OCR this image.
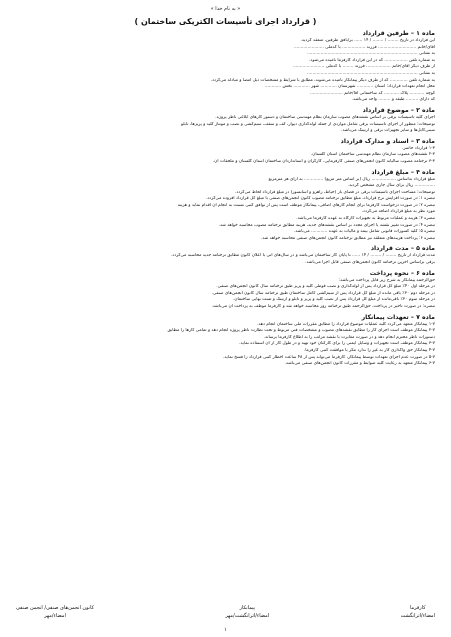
« به نام خدا »
( قرارداد اجرای تأسیسات الکتریکی ساختمان )
ماده ۱ – طرفین قرارداد
این قرارداد در تاریخ ........ / ........ / ۱۴ ...... بر/بافق طرفین، منعقد گردید.
آقای/خانم ............................ فرزند ................. با کدملی ......................
به نشانی .................................................................................
به شماره تلفن ................. که در این قرارداد کارفرما نامیده می‌شود.
از طرف دیگر آقای/خانم .................. فرزند ........ با کدملی .......................
به نشانی .................................................................................
به شماره تلفن ............. که از طرف دیگر پیمانکار نامیده می‌شوند، مطابق با شرایط و مشخصات ذیل امضا و مبادله می‌گردد.
محل انجام تعهدات قرارداد: استان ............ شهرستان ............ شهر ............ بخش ............
کوچه ........... پلاک ........... کد ساختمانی آقا/خانم ........................
که دارای ......... طبقه و ......... واحد می‌باشد.
ماده ۲ – موضوع قرارداد
اجرای کلیه تأسیسات برقی بر اساس نقشه‌های مصوب سازمان نظام مهندسی ساختمان و دستور کارهای ابلاغی ناظر پروژه.
توضیحات: منظور از اجرای تأسیسات برقی شامل مواردی از جمله لوله‌گذاری دیوار، کف و سقف، سیم‌کشی و نصب و مونتاژ کلید و پریزها، تابلو
سینی‌کابل‌ها و سایر تجهیزات برقی و ارتینگ می‌باشد.
ماده ۳ – اسناد و مدارک قرارداد
۱-۳ قرارداد حاضر.
۲-۳ نقشه‌های مصوب سازمان نظام مهندسی ساختمان استان گلستان.
۳-۳ ترخنامه مصوب سالیانه کانون انجمن‌های صنفی کارفرمایی، کارگران و استانداردان ساختمان استان گلستان و ملحقات آن.
ماده ۴ – مبلغ قرارداد
مبلغ قرارداد به‌اساس .................. ریال (بر اساس متر مربع) .............. به ازای هر مترمربع
............... ریال برای سال جاری مشخص گردید.
توضیحات: مساحت اجرای تأسیسات برقی در فضای باز (حیاط، راهرو و آسانسور) در مبلغ قرارداد لحاظ می‌گردد.
تبصره ۱: در صورت افزایش نرخ قرارداد، مبلغ مطابق ترخنامه مصوب کانون انجمن‌های صنفی با مبلغ کل قرارداد افزوده می‌گردد.
تبصره ۲: در صورت درخواست کارفرما برای انجام کارهای اضافی، پیمانکار موظف است پس از توافق کتبی نسبت به انجام آن اقدام نماید و هزینه
مورد نظر به مبلغ قرارداد اضافه می‌گردد.
تبصره ۳: هزینه و عملیات مربوط به تجهیزات کارگاه به عهده کارفرما می‌باشد.
تبصره ۴: در صورت تغییر نقشه یا اجرای مجدد بر اساس نقشه‌های جدید، هزینه مطابق ترخنامه مصوب محاسبه خواهد شد.
تبصره ۵: کلیه کسورات قانونی شامل بیمه و مالیات به عهده ............ می‌باشد.
تبصره ۶: پرداخت هزینه‌های متعلقه نیز مطابق ترخنامه کانون انجمن‌های صنفی محاسبه خواهد شد.
ماده ۵ – مدت قرارداد
مدت قرارداد از تاریخ ........ / ........ / ۱۴ ...... تا پایان کار ساختمان می‌باشد و در سال‌های آتی با اعلان کانون مطابق ترخنامه جدید محاسبه می‌گردد.
برقی براساس آخرین ترخنامه کانون انجمن‌های صنفی قابل اجرا می‌باشد.
ماده ۶ – نحوه پرداخت
حق‌الزحمه پیمانکار به شرح زیر قابل پرداخت می‌باشد:
در مرحله اول ۴۰٪ مبلغ کل قرارداد پس از لوله‌گذاری و نصب قوطی کلید و پریز طبق ترخنامه سال کانون انجمن‌های صنفی.
در مرحله دوم ۳۰٪ باقی مانده از مبلغ کل قرارداد پس از سیم‌کشی کامل ساختمان طبق ترخنامه سال کانون انجمن‌های صنفی.
در مرحله سوم ۳۰٪ باقی‌مانده از مبلغ کل قرارداد پس از نصب کلید و پریز و تابلو و ارتینگ و تست نهایی ساختمان.
تبصره: در صورت تأخیر در پرداخت، حق‌الزحمه طبق ترخنامه روز محاسبه خواهد شد و کارفرما موظف به پرداخت آن می‌باشد.
ماده ۷ – تعهدات پیمانکار
۱-۷ پیمانکار متعهد می‌گردد کلیه عملیات موضوع قرارداد را مطابق مقررات ملی ساختمان انجام دهد.
۲-۷ پیمانکار موظف است اجرای کار را مطابق نقشه‌های مصوب و مشخصات فنی مربوط و تحت نظارت ناظر پروژه انجام دهد و تمامی کارها را مطابق
دستورات ناظر محترم انجام دهد و در صورت مغایرت با نقشه مراتب را به اطلاع کارفرما برساند.
۳-۷ پیمانکار موظف است تجهیزات و وسایل ایمنی را برای کارکنان خود تهیه و در طول کار از آن استفاده نماید.
۴-۷ پیمانکار حق واگذاری کار به غیر را ندارد مگر با موافقت کتبی کارفرما.
۵-۷ در صورت عدم اجرای تعهدات توسط پیمانکار، کارفرما می‌تواند پس از ۴۸ ساعت اخطار کتبی قرارداد را فسخ نماید.
۶-۷ پیمانکار متعهد به رعایت کلیه ضوابط و مقررات کانون انجمن‌های صنفی می‌باشد.
کارفرما
امضاء/اثرانگشت
پیمانکار
امضاء/اثرانگشت/مهر
کانون انجمن‌های صنفی/ انجمن صنفی
امضاء/مهر
۱
